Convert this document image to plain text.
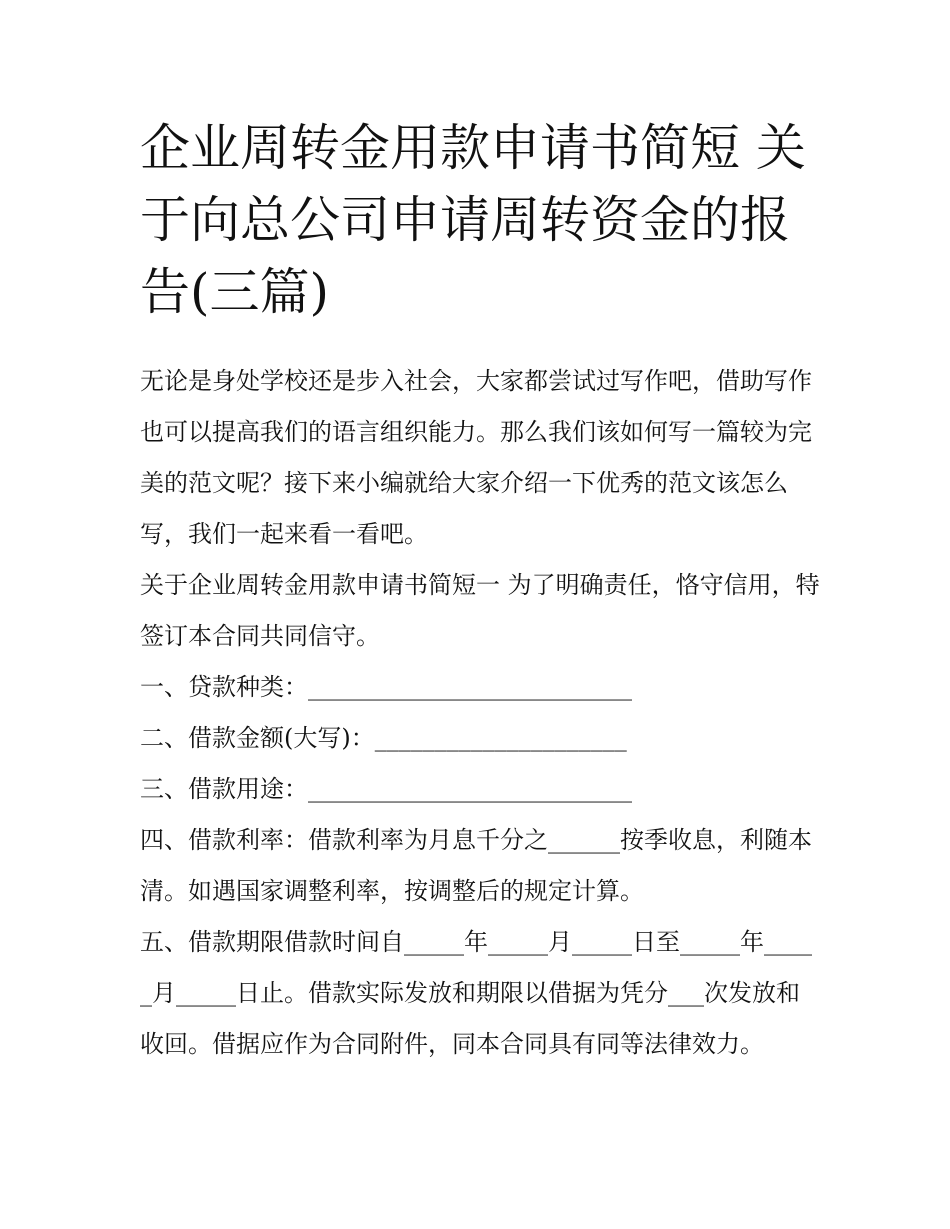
企业周转金用款申请书简短 关于向总公司申请周转资金的报告(三篇)

无论是身处学校还是步入社会，大家都尝试过写作吧，借助写作也可以提高我们的语言组织能力。那么我们该如何写一篇较为完美的范文呢？接下来小编就给大家介绍一下优秀的范文该怎么写，我们一起来看一看吧。

关于企业周转金用款申请书简短一 为了明确责任，恪守信用，特签订本合同共同信守。

一、贷款种类：___________________________

二、借款金额(大写)：_____________________

三、借款用途：___________________________

四、借款利率：借款利率为月息千分之______按季收息，利随本清。如遇国家调整利率，按调整后的规定计算。

五、借款期限借款时间自_____年_____月_____日至_____年_____月_____日止。借款实际发放和期限以借据为凭分___次发放和收回。借据应作为合同附件，同本合同具有同等法律效力。
